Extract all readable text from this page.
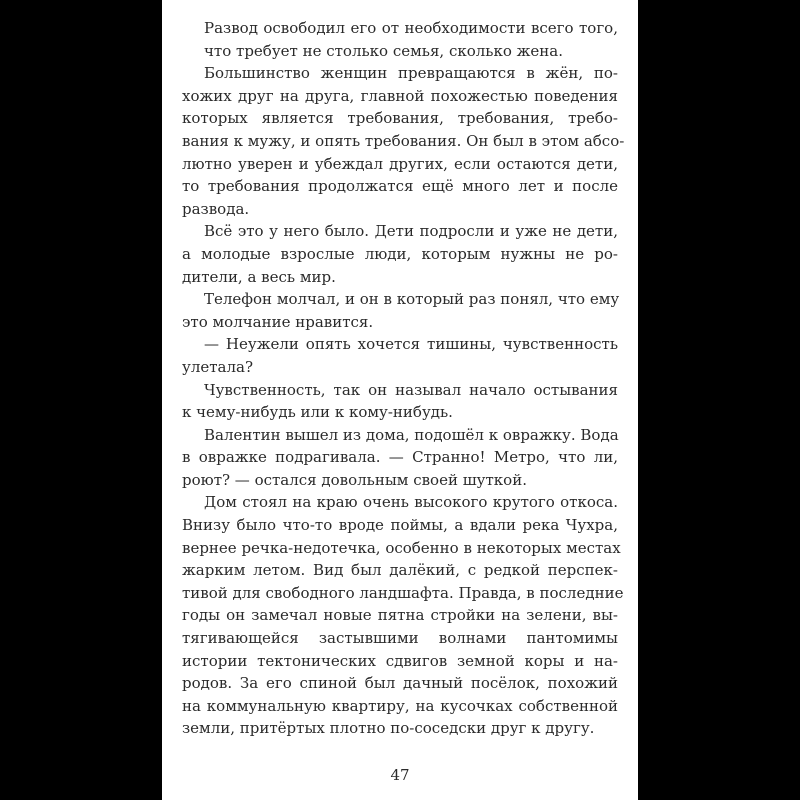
Развод освободил его от необходимости всего того,
что требует не столько семья, сколько жена.
Большинство женщин превращаются в жён, по-
хожих друг на друга, главной похожестью поведения
которых является требования, требования, требо-
вания к мужу, и опять требования. Он был в этом абсо-
лютно уверен и убеждал других, если остаются дети,
то требования продолжатся ещё много лет и после
развода.
Всё это у него было. Дети подросли и уже не дети,
а молодые взрослые люди, которым нужны не ро-
дители, а весь мир.
Телефон молчал, и он в который раз понял, что ему
это молчание нравится.
— Неужели опять хочется тишины, чувственность
улетала?
Чувственность, так он называл начало остывания
к чему-нибудь или к кому-нибудь.
Валентин вышел из дома, подошёл к овражку. Вода
в овражке подрагивала. — Странно! Метро, что ли,
роют? — остался довольным своей шуткой.
Дом стоял на краю очень высокого крутого откоса.
Внизу было что-то вроде поймы, а вдали река Чухра,
вернее речка-недотечка, особенно в некоторых местах
жарким летом. Вид был далёкий, с редкой перспек-
тивой для свободного ландшафта. Правда, в последние
годы он замечал новые пятна стройки на зелени, вы-
тягивающейся застывшими волнами пантомимы
истории тектонических сдвигов земной коры и на-
родов. За его спиной был дачный посёлок, похожий
на коммунальную квартиру, на кусочках собственной
земли, притёртых плотно по-соседски друг к другу.
47
